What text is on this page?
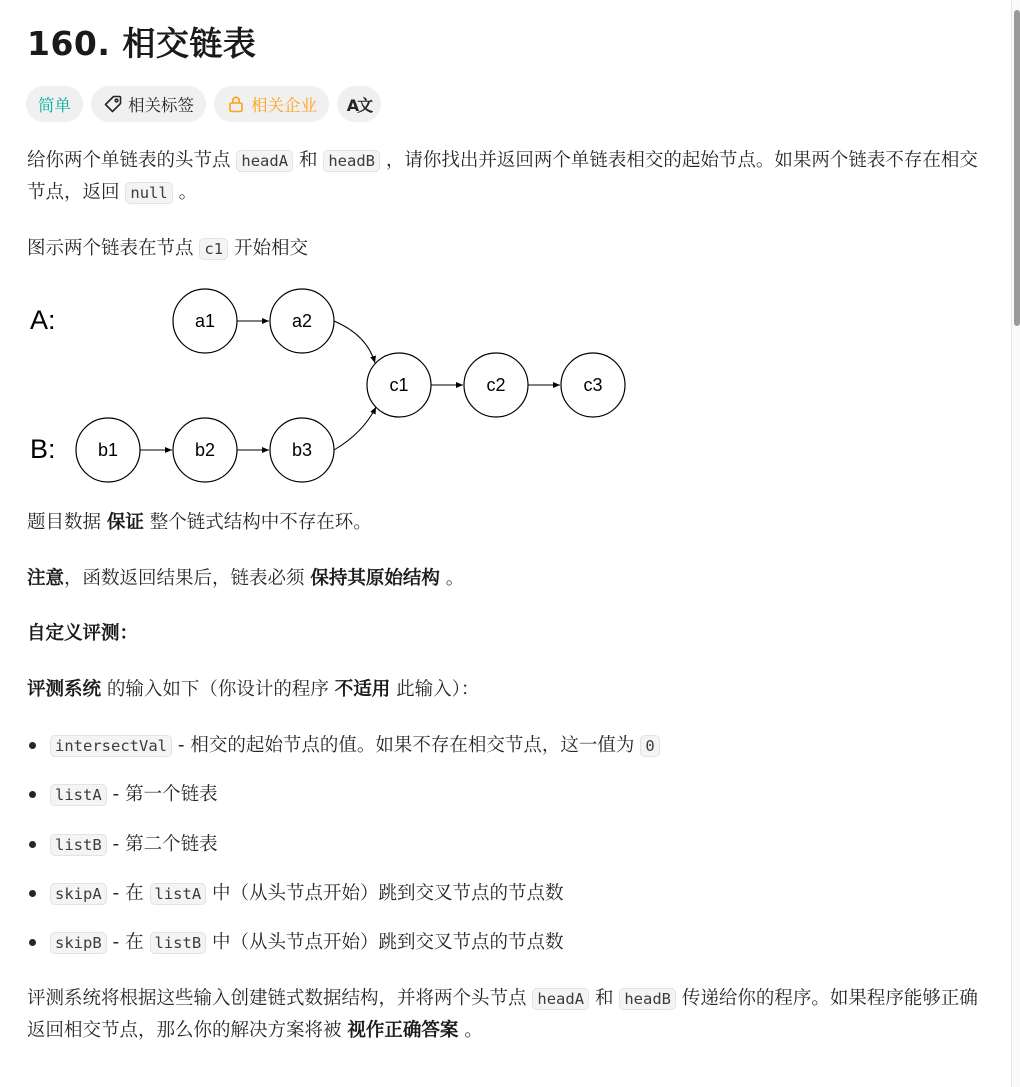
160. 相交链表
简单	相关标签	相关企业 A文

给你两个单链表的头节点 headA 和 headB ，请你找出并返回两个单链表相交的起始节点。如果两个链表不存在相交节点，返回 null 。

图示两个链表在节点 c1 开始相交

A:
B:
a1	a2
c1	c2	c3
b1	b2	b3

题目数据 保证 整个链式结构中不存在环。

注意，函数返回结果后，链表必须 保持其原始结构 。

自定义评测：

评测系统 的输入如下（你设计的程序 不适用 此输入）：

intersectVal - 相交的起始节点的值。如果不存在相交节点，这一值为 0
listA - 第一个链表
listB - 第二个链表
skipA - 在 listA 中（从头节点开始）跳到交叉节点的节点数
skipB - 在 listB 中（从头节点开始）跳到交叉节点的节点数

评测系统将根据这些输入创建链式数据结构，并将两个头节点 headA 和 headB 传递给你的程序。如果程序能够正确返回相交节点，那么你的解决方案将被 视作正确答案 。
